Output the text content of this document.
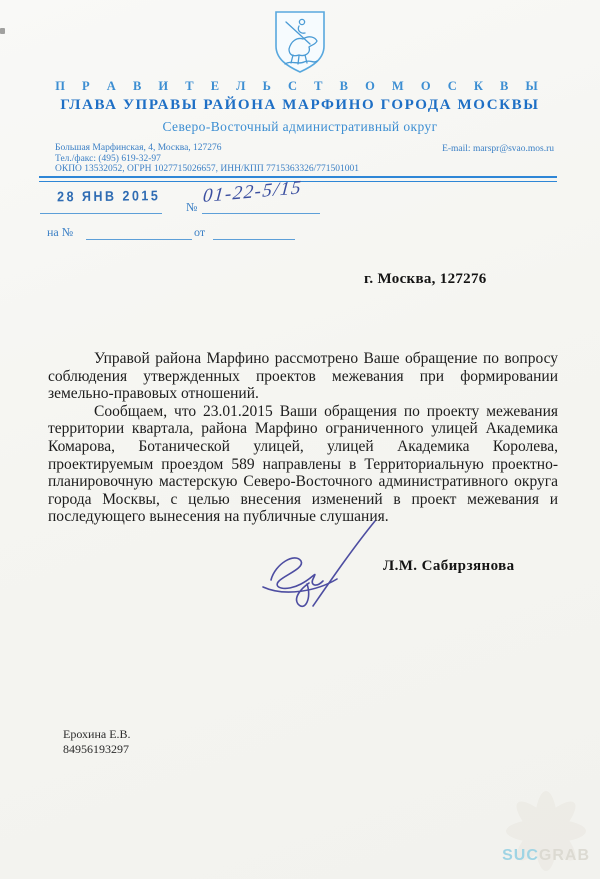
П Р А В И Т Е Л Ь С Т В О М О С К В Ы
ГЛАВА УПРАВЫ РАЙОНА МАРФИНО ГОРОДА МОСКВЫ
Северо-Восточный административный округ
Большая Марфинская, 4, Москва, 127276
Тел./факс: (495) 619-32-97
ОКПО 13532052, ОГРН 1027715026657, ИНН/КПП 7715363326/771501001
E-mail: marspr@svao.mos.ru
28 ЯНВ 2015
№
01-22-5/15
на №	от
г. Москва, 127276

Управой района Марфино рассмотрено Ваше обращение по вопросу соблюдения утвержденных проектов межевания при формировании земельно-правовых отношений.

Сообщаем, что 23.01.2015 Ваши обращения по проекту межевания территории квартала, района Марфино ограниченного улицей Академика Комарова, Ботанической улицей, улицей Академика Королева, проектируемым проездом 589 направлены в Территориальную проектно-планировочную мастерскую Северо-Восточного административного округа города Москвы, с целью внесения изменений в проект межевания и последующего вынесения на публичные слушания.

Л.М. Сабирзянова
Ерохина Е.В.
84956193297
SUCGRAB
